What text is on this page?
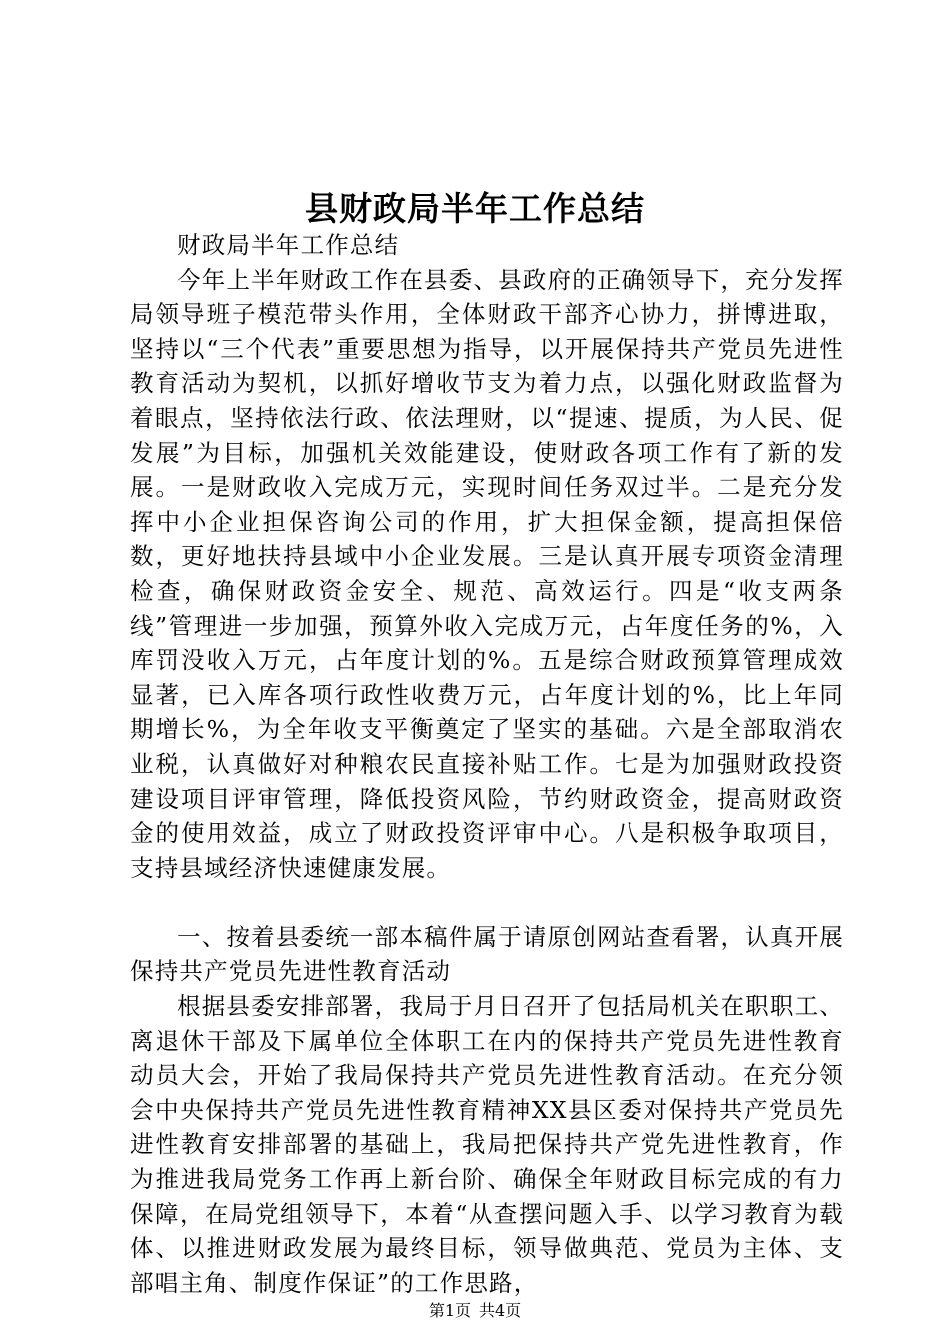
县财政局半年工作总结

财政局半年工作总结

今年上半年财政工作在县委、县政府的正确领导下，充分发挥局领导班子模范带头作用，全体财政干部齐心协力，拼博进取，坚持以“三个代表”重要思想为指导，以开展保持共产党员先进性教育活动为契机，以抓好增收节支为着力点，以强化财政监督为着眼点，坚持依法行政、依法理财，以“提速、提质，为人民、促发展”为目标，加强机关效能建设，使财政各项工作有了新的发展。一是财政收入完成万元，实现时间任务双过半。二是充分发挥中小企业担保咨询公司的作用，扩大担保金额，提高担保倍数，更好地扶持县域中小企业发展。三是认真开展专项资金清理检查，确保财政资金安全、规范、高效运行。四是“收支两条线”管理进一步加强，预算外收入完成万元，占年度任务的%，入库罚没收入万元，占年度计划的%。五是综合财政预算管理成效显著，已入库各项行政性收费万元，占年度计划的%，比上年同期增长%，为全年收支平衡奠定了坚实的基础。六是全部取消农业税，认真做好对种粮农民直接补贴工作。七是为加强财政投资建设项目评审管理，降低投资风险，节约财政资金，提高财政资金的使用效益，成立了财政投资评审中心。八是积极争取项目，支持县域经济快速健康发展。

一、按着县委统一部本稿件属于请原创网站查看署，认真开展保持共产党员先进性教育活动

根据县委安排部署，我局于月日召开了包括局机关在职职工、离退休干部及下属单位全体职工在内的保持共产党员先进性教育动员大会，开始了我局保持共产党员先进性教育活动。在充分领会中央保持共产党员先进性教育精神XX县区委对保持共产党员先进性教育安排部署的基础上，我局把保持共产党先进性教育，作为推进我局党务工作再上新台阶、确保全年财政目标完成的有力保障，在局党组领导下，本着“从查摆问题入手、以学习教育为载体、以推进财政发展为最终目标，领导做典范、党员为主体、支部唱主角、制度作保证”的工作思路，

第1页 共4页
